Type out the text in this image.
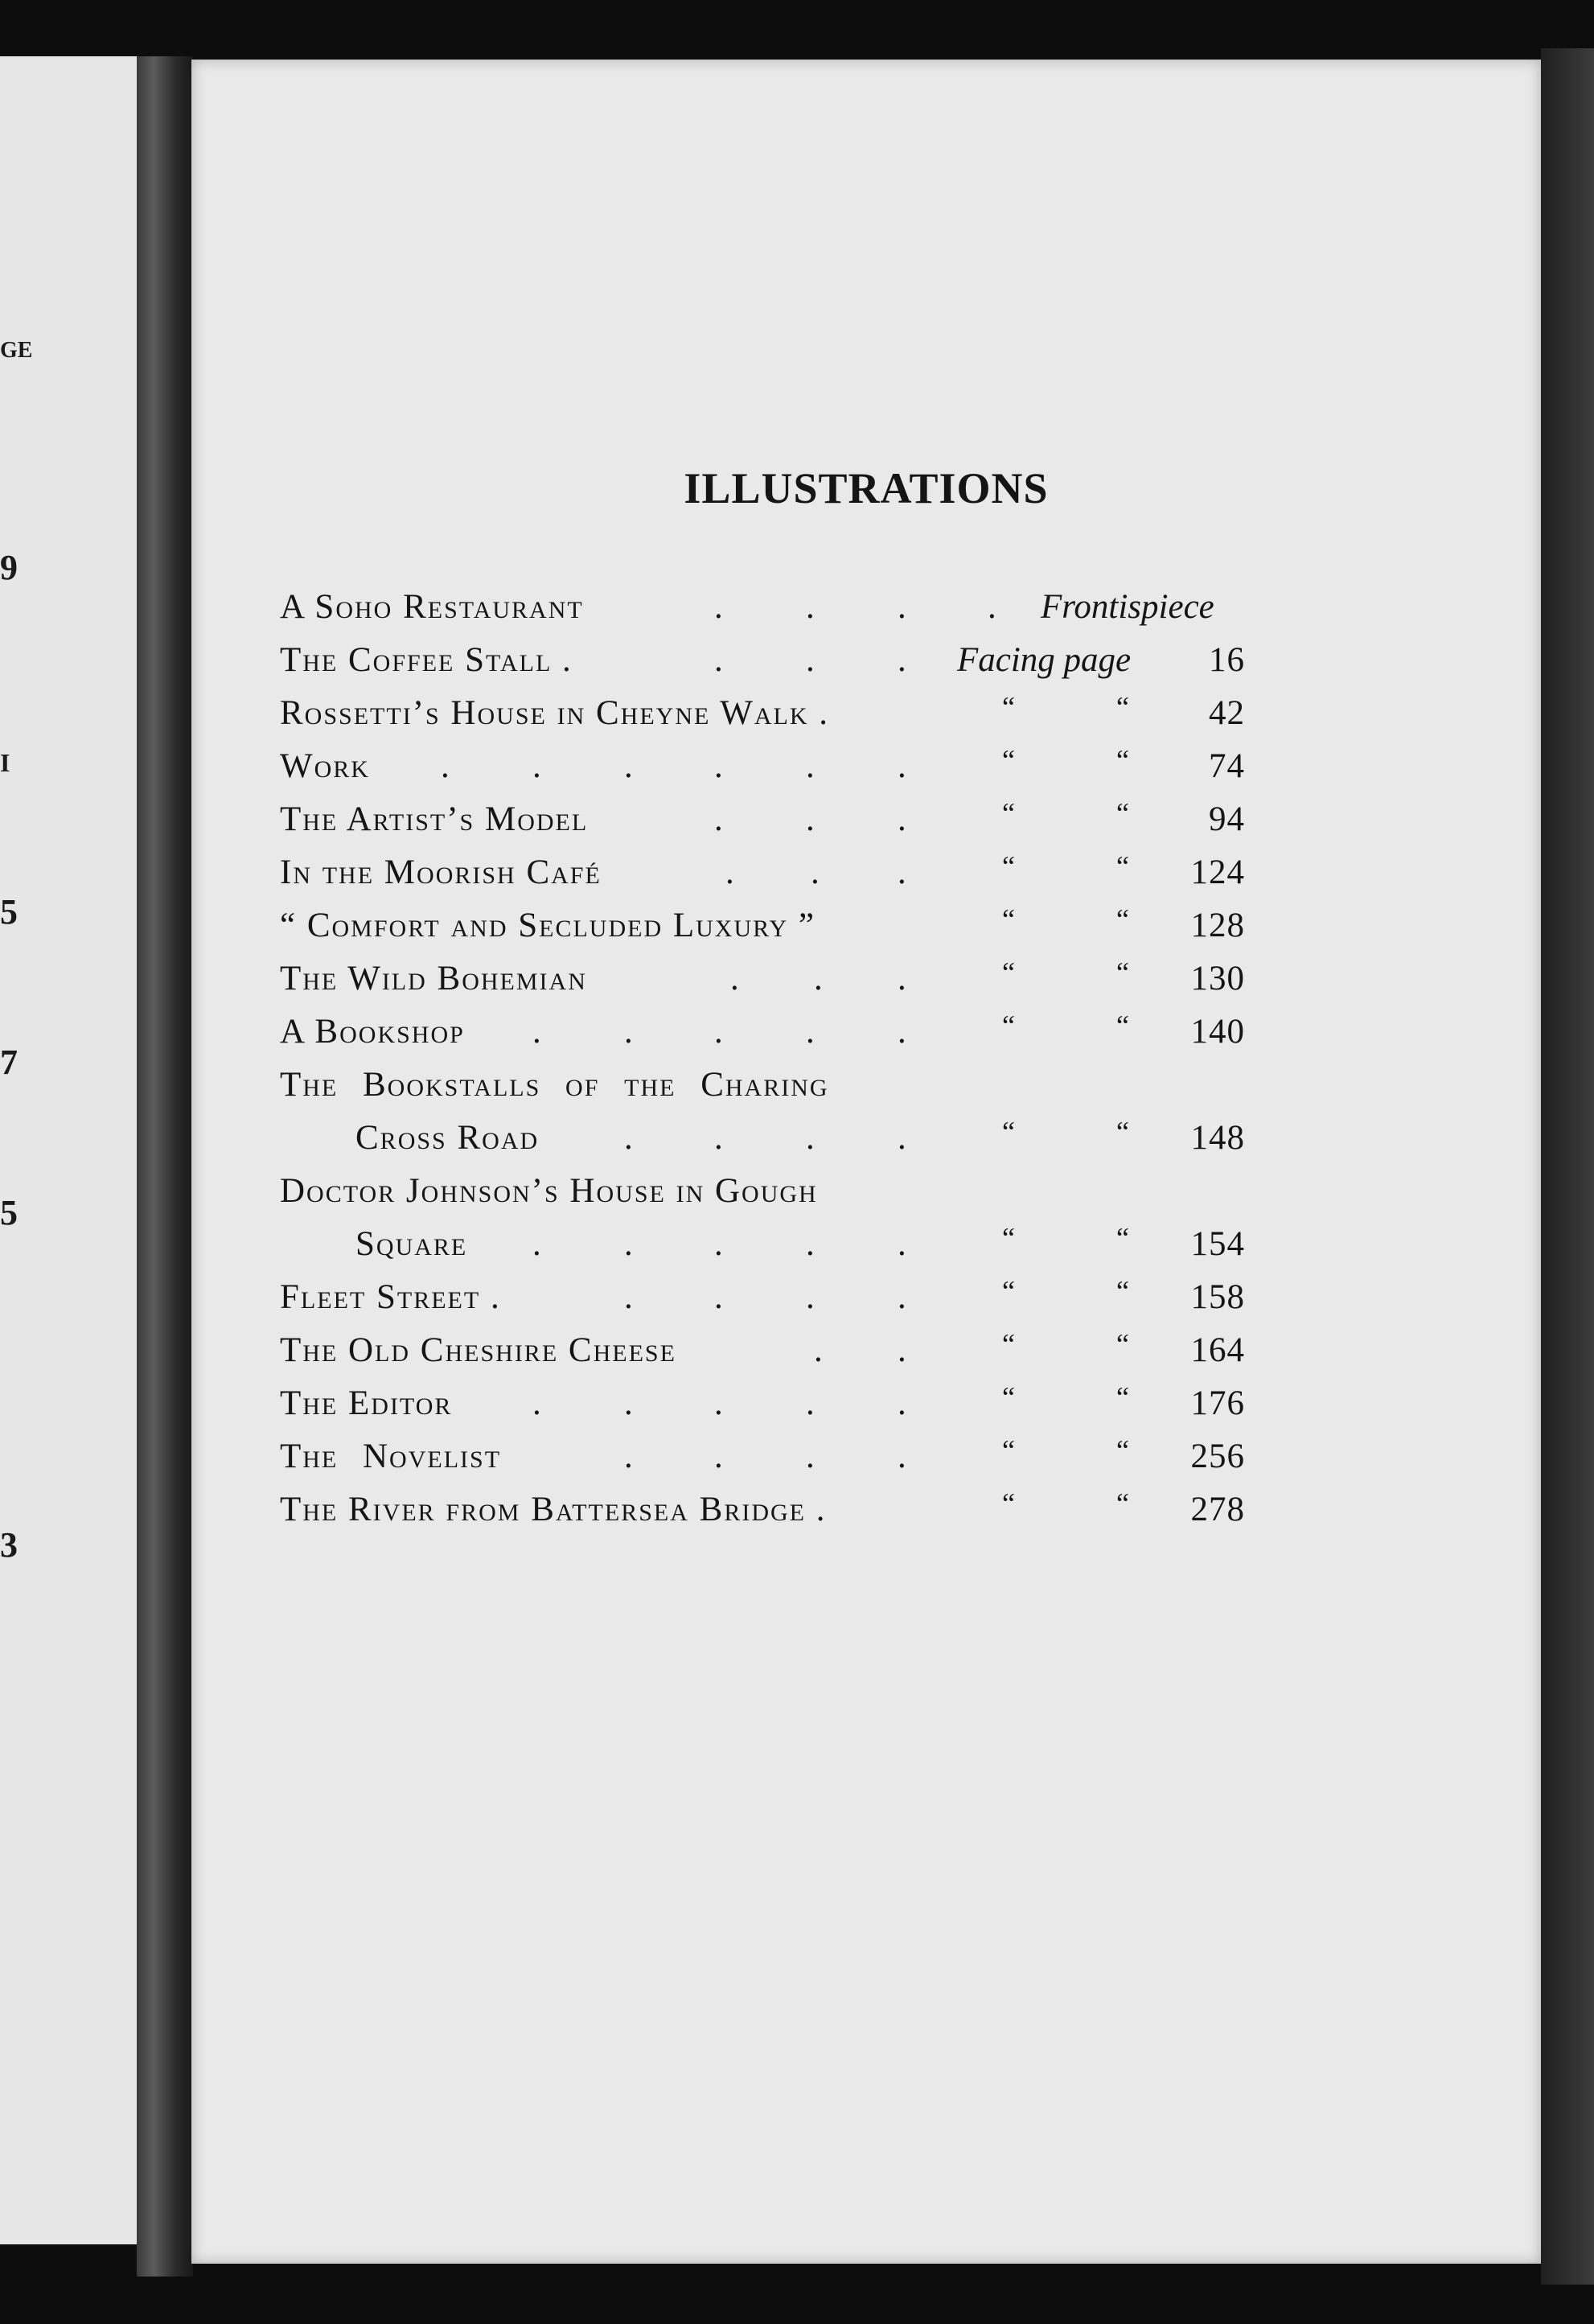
GE
9
I
5
7
5
3
ILLUSTRATIONS
A Soho Restaurant	. . . . Frontispiece
The Coffee Stall .	. . . Facing page 16
Rossetti’s House in Cheyne Walk .	“	“ 42
Work . . . . . .	“	“ 74
The Artist’s Model	. . .	“	“ 94
In the Moorish Café	. . .	“	“ 124
“ Comfort and Secluded Luxury ”	“	“ 128
The Wild Bohemian	. . .	“	“ 130
A Bookshop . . . . .	“	“ 140
The Bookstalls of the Charing
Cross Road . . . .	“	“ 148
Doctor Johnson’s House in Gough
Square . . . . .	“	“ 154
Fleet Street .	. . . .	“	“ 158
The Old Cheshire Cheese	. .	“	“ 164
The Editor . . . . .	“	“ 176
The Novelist	. . . .	“	“ 256
The River from Battersea Bridge .	“	“ 278
